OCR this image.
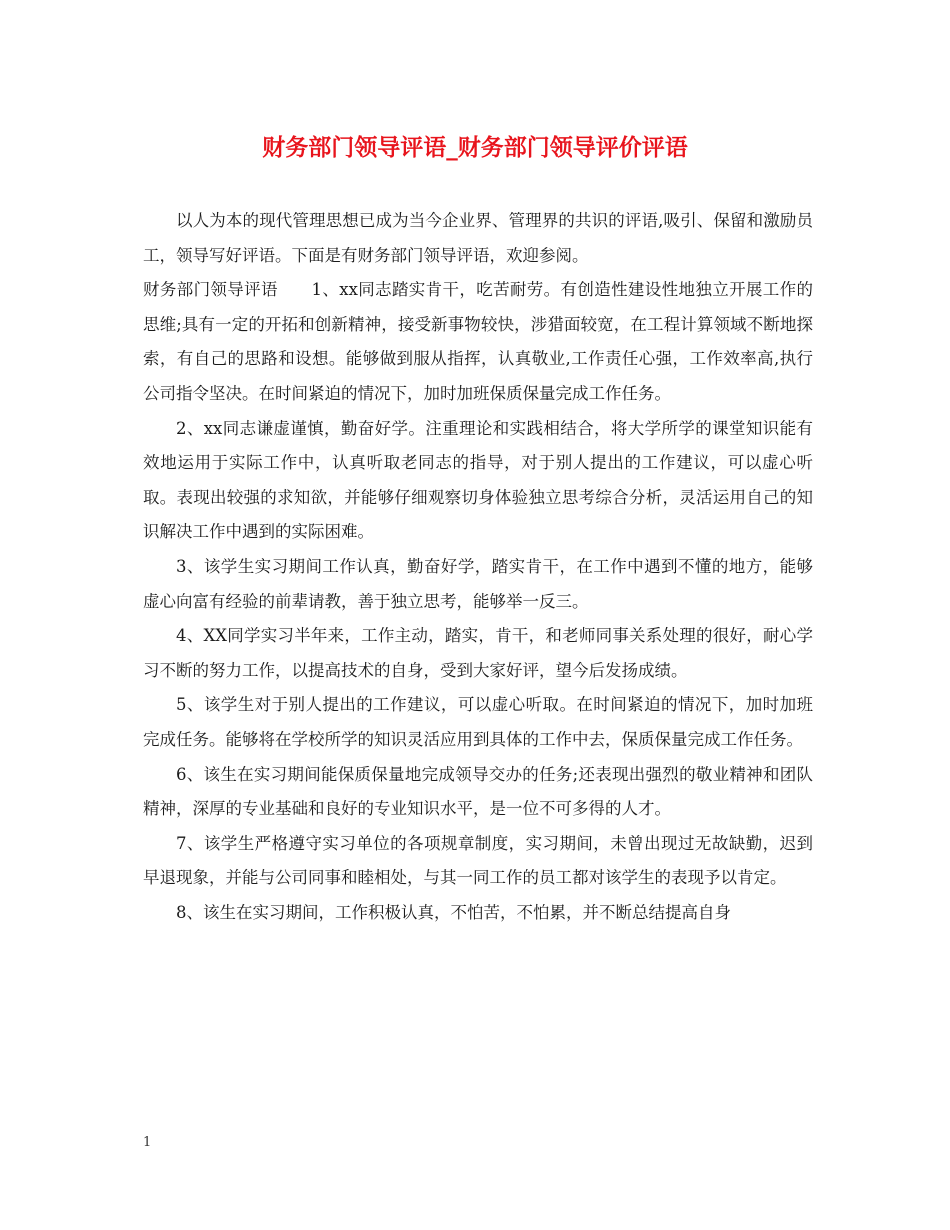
财务部门领导评语_财务部门领导评价评语

以人为本的现代管理思想已成为当今企业界、管理界的共识的评语,吸引、保留和激励员工，领导写好评语。下面是有财务部门领导评语，欢迎参阅。

财务部门领导评语　　1、xx同志踏实肯干，吃苦耐劳。有创造性建设性地独立开展工作的思维;具有一定的开拓和创新精神，接受新事物较快，涉猎面较宽，在工程计算领域不断地探索，有自己的思路和设想。能够做到服从指挥，认真敬业,工作责任心强，工作效率高,执行公司指令坚决。在时间紧迫的情况下，加时加班保质保量完成工作任务。

2、xx同志谦虚谨慎，勤奋好学。注重理论和实践相结合，将大学所学的课堂知识能有效地运用于实际工作中，认真听取老同志的指导，对于别人提出的工作建议，可以虚心听取。表现出较强的求知欲，并能够仔细观察切身体验独立思考综合分析，灵活运用自己的知识解决工作中遇到的实际困难。

3、该学生实习期间工作认真，勤奋好学，踏实肯干，在工作中遇到不懂的地方，能够虚心向富有经验的前辈请教，善于独立思考，能够举一反三。

4、XX同学实习半年来，工作主动，踏实，肯干，和老师同事关系处理的很好，耐心学习不断的努力工作，以提高技术的自身，受到大家好评，望今后发扬成绩。

5、该学生对于别人提出的工作建议，可以虚心听取。在时间紧迫的情况下，加时加班完成任务。能够将在学校所学的知识灵活应用到具体的工作中去，保质保量完成工作任务。

6、该生在实习期间能保质保量地完成领导交办的任务;还表现出强烈的敬业精神和团队精神，深厚的专业基础和良好的专业知识水平，是一位不可多得的人才。

7、该学生严格遵守实习单位的各项规章制度，实习期间，未曾出现过无故缺勤，迟到早退现象，并能与公司同事和睦相处，与其一同工作的员工都对该学生的表现予以肯定。

8、该生在实习期间，工作积极认真，不怕苦，不怕累，并不断总结提高自身

1
